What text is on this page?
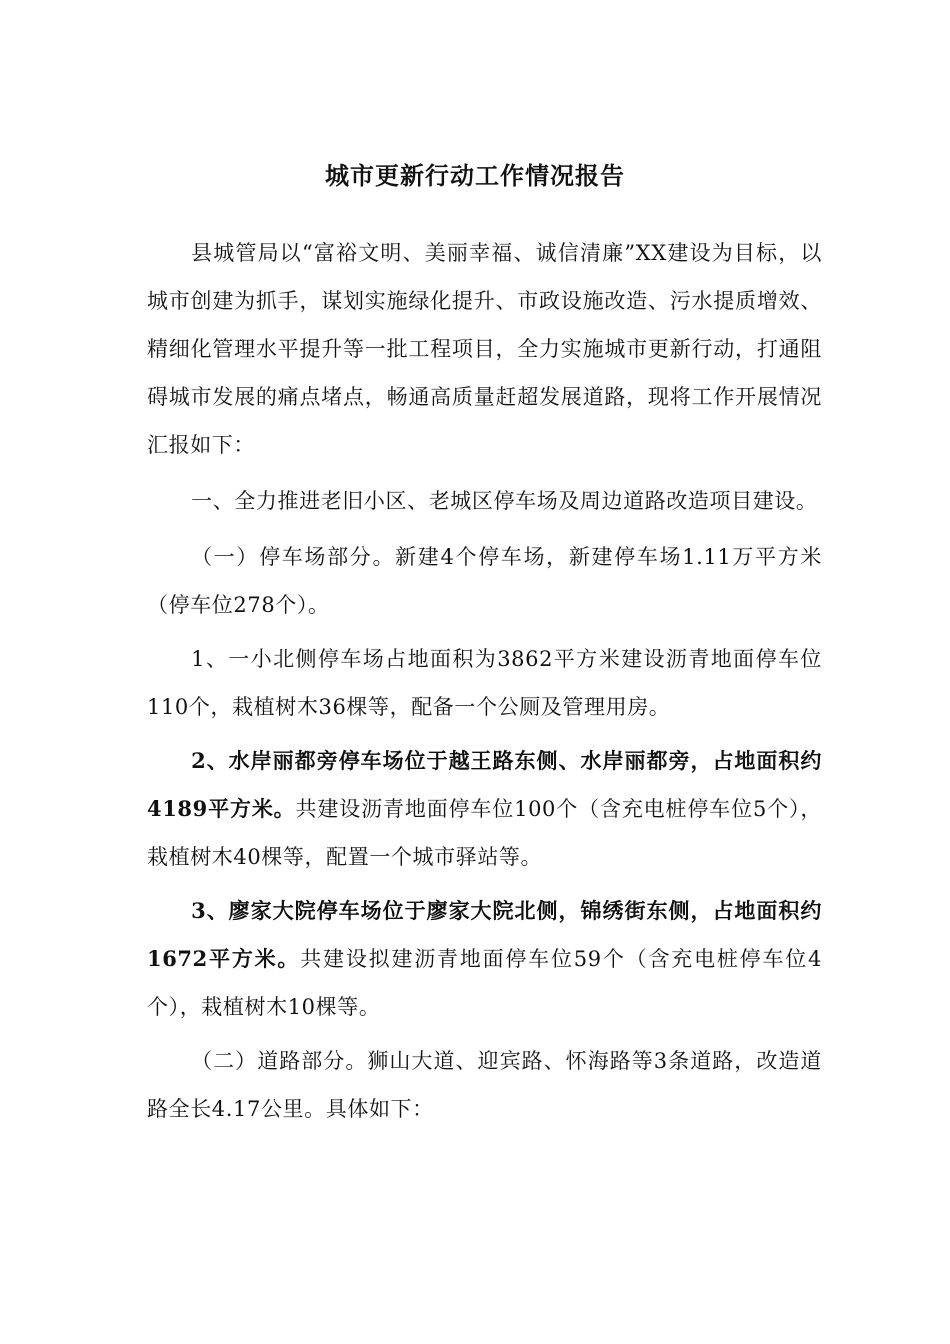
城市更新行动工作情况报告

县城管局以“富裕文明、美丽幸福、诚信清廉”XX建设为目标，以城市创建为抓手，谋划实施绿化提升、市政设施改造、污水提质增效、精细化管理水平提升等一批工程项目，全力实施城市更新行动，打通阻碍城市发展的痛点堵点，畅通高质量赶超发展道路，现将工作开展情况汇报如下：

一、全力推进老旧小区、老城区停车场及周边道路改造项目建设。

（一）停车场部分。新建4个停车场，新建停车场1.11万平方米（停车位278个）。

1、一小北侧停车场占地面积为3862平方米建设沥青地面停车位110个，栽植树木36棵等，配备一个公厕及管理用房。

2、水岸丽都旁停车场位于越王路东侧、水岸丽都旁，占地面积约4189平方米。共建设沥青地面停车位100个（含充电桩停车位5个），栽植树木40棵等，配置一个城市驿站等。

3、廖家大院停车场位于廖家大院北侧，锦绣街东侧，占地面积约1672平方米。共建设拟建沥青地面停车位59个（含充电桩停车位4个），栽植树木10棵等。

（二）道路部分。狮山大道、迎宾路、怀海路等3条道路，改造道路全长4.17公里。具体如下：
